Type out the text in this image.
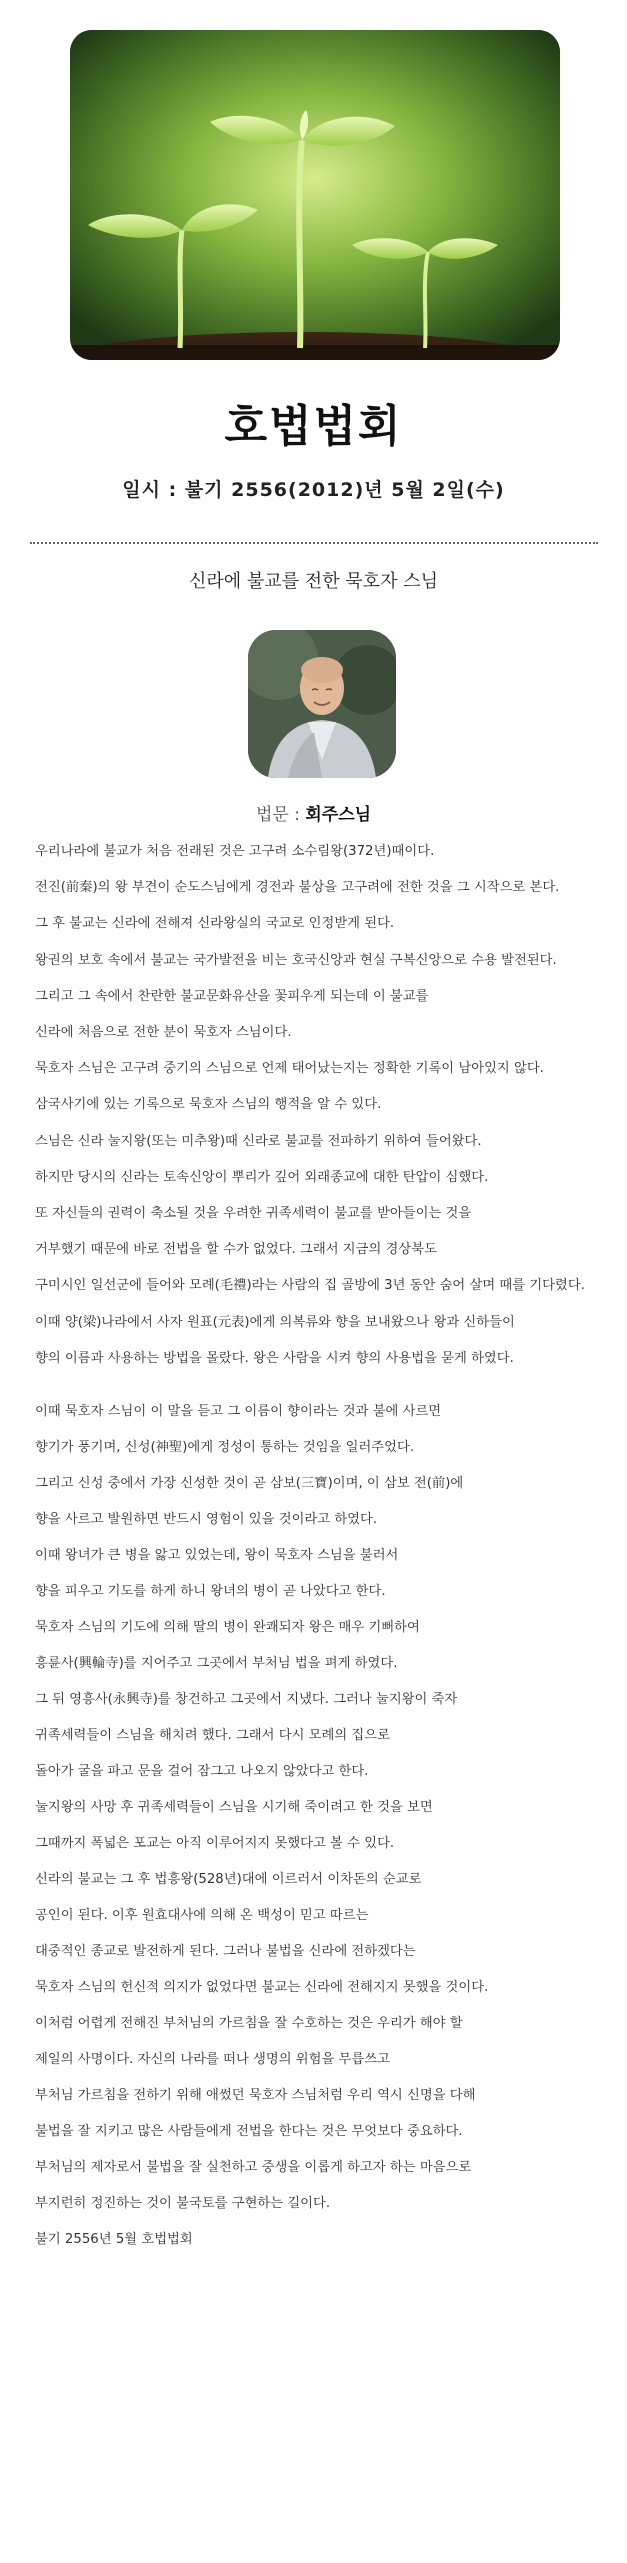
호법법회
일시 : 불기 2556(2012)년 5월 2일(수)
신라에 불교를 전한 묵호자 스님
법문 : 회주스님
우리나라에 불교가 처음 전래된 것은 고구려 소수림왕(372년)때이다.
전진(前秦)의 왕 부견이 순도스님에게 경전과 불상을 고구려에 전한 것을 그 시작으로 본다.
그 후 불교는 신라에 전해져 신라왕실의 국교로 인정받게 된다.
왕권의 보호 속에서 불교는 국가발전을 비는 호국신앙과 현실 구복신앙으로 수용 발전된다.
그리고 그 속에서 찬란한 불교문화유산을 꽃피우게 되는데 이 불교를
신라에 처음으로 전한 분이 묵호자 스님이다.
묵호자 스님은 고구려 중기의 스님으로 언제 태어났는지는 정확한 기록이 남아있지 않다.
삼국사기에 있는 기록으로 묵호자 스님의 행적을 알 수 있다.
스님은 신라 눌지왕(또는 미추왕)때 신라로 불교를 전파하기 위하여 들어왔다.
하지만 당시의 신라는 토속신앙이 뿌리가 깊어 외래종교에 대한 탄압이 심했다.
또 자신들의 권력이 축소될 것을 우려한 귀족세력이 불교를 받아들이는 것을
거부했기 때문에 바로 전법을 할 수가 없었다. 그래서 지금의 경상북도
구미시인 일선군에 들어와 모례(毛禮)라는 사람의 집 골방에 3년 동안 숨어 살며 때를 기다렸다.
이때 양(梁)나라에서 사자 원표(元表)에게 의복류와 향을 보내왔으나 왕과 신하들이
향의 이름과 사용하는 방법을 몰랐다. 왕은 사람을 시켜 향의 사용법을 묻게 하였다.
이때 묵호자 스님이 이 말을 듣고 그 이름이 향이라는 것과 불에 사르면
향기가 풍기며, 신성(神聖)에게 정성이 통하는 것임을 일러주었다.
그리고 신성 중에서 가장 신성한 것이 곧 삼보(三寶)이며, 이 삼보 전(前)에
향을 사르고 발원하면 반드시 영험이 있을 것이라고 하였다.
이때 왕녀가 큰 병을 앓고 있었는데, 왕이 묵호자 스님을 불러서
향을 피우고 기도를 하게 하니 왕녀의 병이 곧 나았다고 한다.
묵호자 스님의 기도에 의해 딸의 병이 완쾌되자 왕은 매우 기뻐하여
흥륜사(興輪寺)를 지어주고 그곳에서 부처님 법을 펴게 하였다.
그 뒤 영흥사(永興寺)를 창건하고 그곳에서 지냈다. 그러나 눌지왕이 죽자
귀족세력들이 스님을 해치려 했다. 그래서 다시 모례의 집으로
돌아가 굴을 파고 문을 걸어 잠그고 나오지 않았다고 한다.
눌지왕의 사망 후 귀족세력들이 스님을 시기해 죽이려고 한 것을 보면
그때까지 폭넓은 포교는 아직 이루어지지 못했다고 볼 수 있다.
신라의 불교는 그 후 법흥왕(528년)대에 이르러서 이차돈의 순교로
공인이 된다. 이후 원효대사에 의해 온 백성이 믿고 따르는
대중적인 종교로 발전하게 된다. 그러나 불법을 신라에 전하겠다는
묵호자 스님의 헌신적 의지가 없었다면 불교는 신라에 전해지지 못했을 것이다.
이처럼 어렵게 전해진 부처님의 가르침을 잘 수호하는 것은 우리가 해야 할
제일의 사명이다. 자신의 나라를 떠나 생명의 위험을 무릅쓰고
부처님 가르침을 전하기 위해 애썼던 묵호자 스님처럼 우리 역시 신명을 다해
불법을 잘 지키고 많은 사람들에게 전법을 한다는 것은 무엇보다 중요하다.
부처님의 제자로서 불법을 잘 실천하고 중생을 이롭게 하고자 하는 마음으로
부지런히 정진하는 것이 불국토를 구현하는 길이다.
불기 2556년 5월 호법법회
